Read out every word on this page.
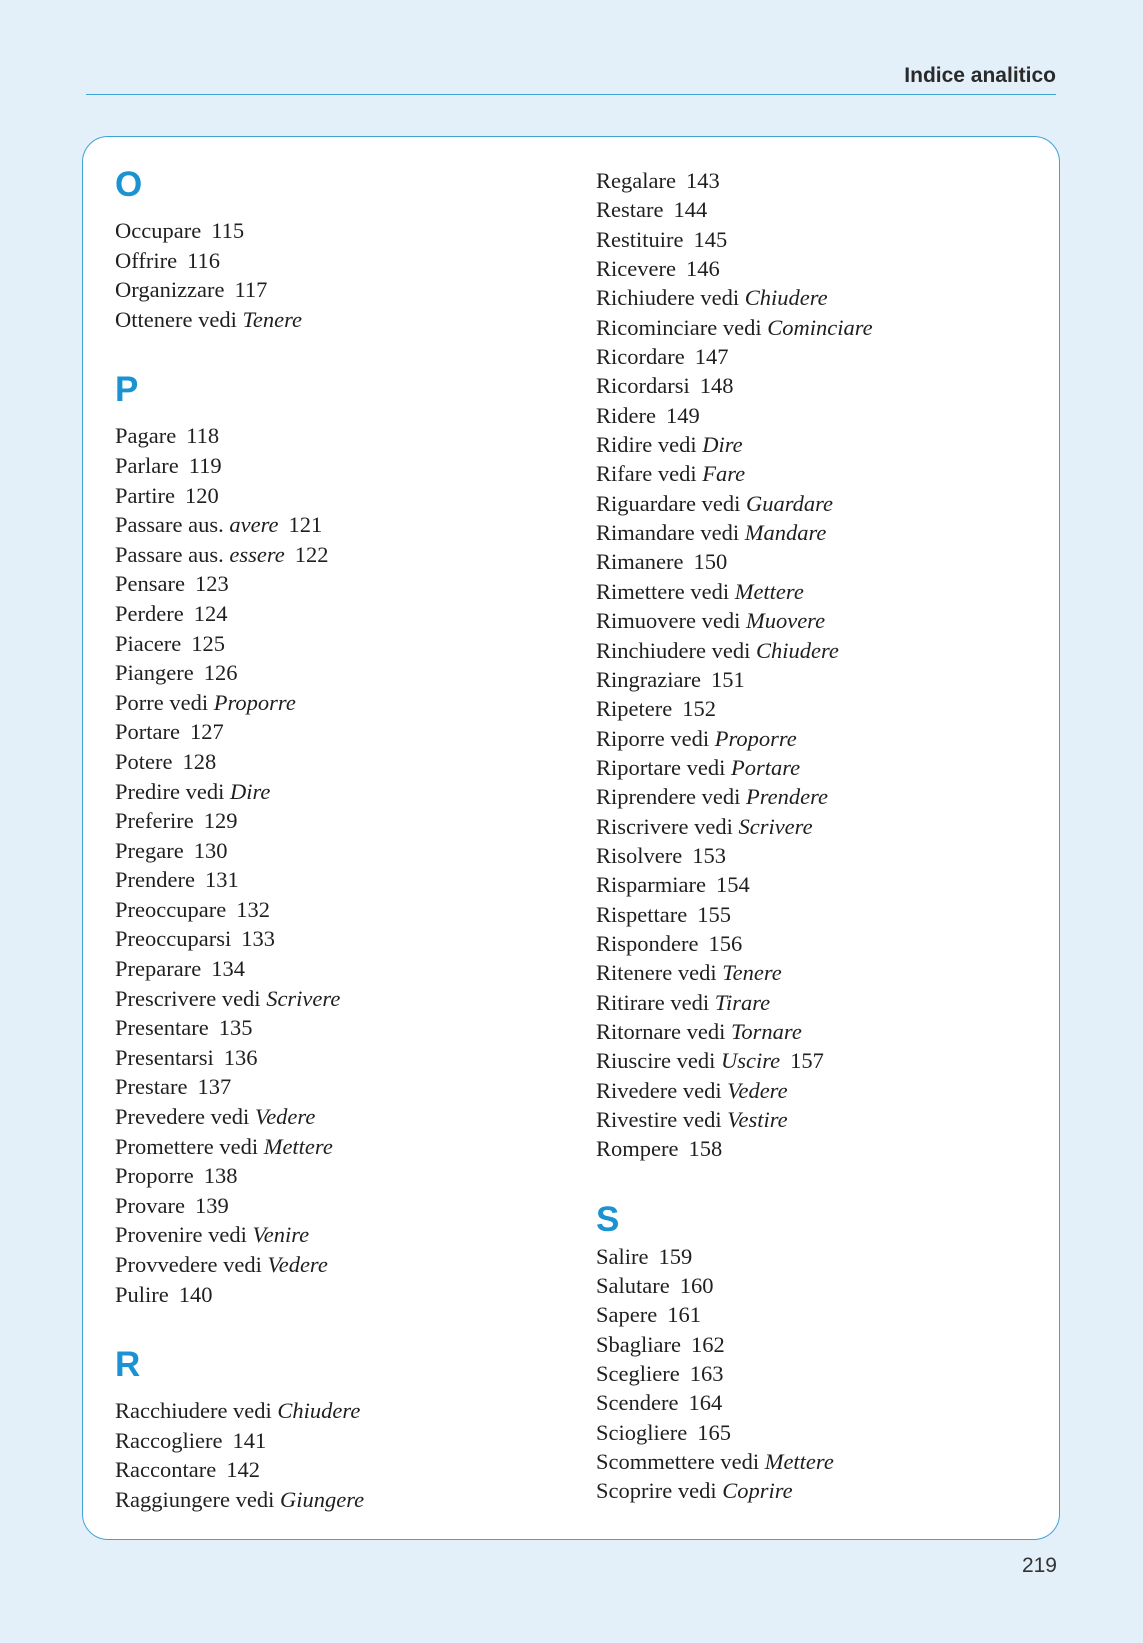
Indice analitico
O
Occupare 115
Offrire 116
Organizzare 117
Ottenere vedi Tenere
P
Pagare 118
Parlare 119
Partire 120
Passare aus. avere 121
Passare aus. essere 122
Pensare 123
Perdere 124
Piacere 125
Piangere 126
Porre vedi Proporre
Portare 127
Potere 128
Predire vedi Dire
Preferire 129
Pregare 130
Prendere 131
Preoccupare 132
Preoccuparsi 133
Preparare 134
Prescrivere vedi Scrivere
Presentare 135
Presentarsi 136
Prestare 137
Prevedere vedi Vedere
Promettere vedi Mettere
Proporre 138
Provare 139
Provenire vedi Venire
Provvedere vedi Vedere
Pulire 140
R
Racchiudere vedi Chiudere
Raccogliere 141
Raccontare 142
Raggiungere vedi Giungere
Regalare 143
Restare 144
Restituire 145
Ricevere 146
Richiudere vedi Chiudere
Ricominciare vedi Cominciare
Ricordare 147
Ricordarsi 148
Ridere 149
Ridire vedi Dire
Rifare vedi Fare
Riguardare vedi Guardare
Rimandare vedi Mandare
Rimanere 150
Rimettere vedi Mettere
Rimuovere vedi Muovere
Rinchiudere vedi Chiudere
Ringraziare 151
Ripetere 152
Riporre vedi Proporre
Riportare vedi Portare
Riprendere vedi Prendere
Riscrivere vedi Scrivere
Risolvere 153
Risparmiare 154
Rispettare 155
Rispondere 156
Ritenere vedi Tenere
Ritirare vedi Tirare
Ritornare vedi Tornare
Riuscire vedi Uscire 157
Rivedere vedi Vedere
Rivestire vedi Vestire
Rompere 158
S
Salire 159
Salutare 160
Sapere 161
Sbagliare 162
Scegliere 163
Scendere 164
Sciogliere 165
Scommettere vedi Mettere
Scoprire vedi Coprire
219
